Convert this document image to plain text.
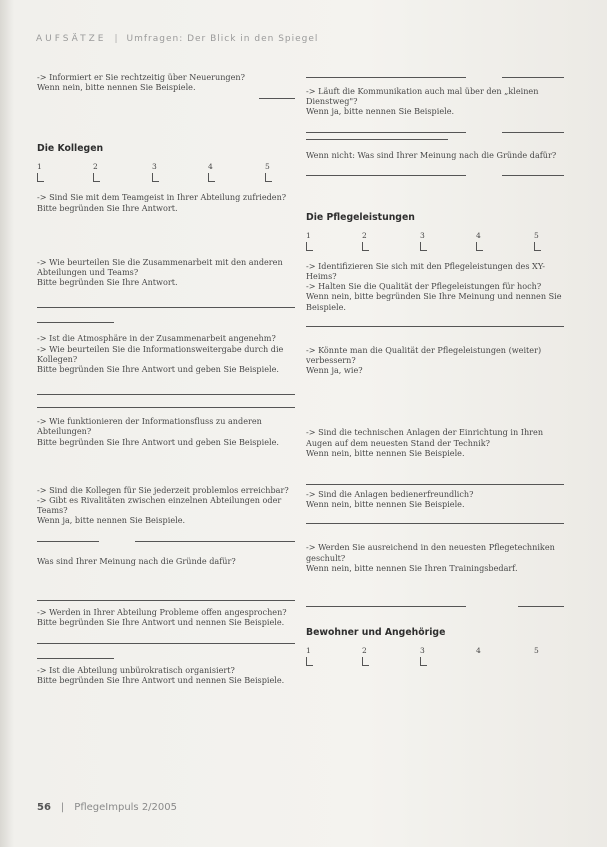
AUFSÄTZE | Umfragen: Der Blick in den Spiegel
-> Informiert er Sie rechtzeitig über Neuerungen?
Wenn nein, bitte nennen Sie Beispiele.
Die Kollegen
1	2	3	4	5
-> Sind Sie mit dem Teamgeist in Ihrer Abteilung zufrieden?
Bitte begründen Sie Ihre Antwort.
-> Wie beurteilen Sie die Zusammenarbeit mit den anderen Abteilungen und Teams?
Bitte begründen Sie Ihre Antwort.
-> Ist die Atmosphäre in der Zusammenarbeit angenehm?
-> Wie beurteilen Sie die Informationsweitergabe durch die Kollegen?
Bitte begründen Sie Ihre Antwort und geben Sie Beispiele.
-> Wie funktionieren der Informationsfluss zu anderen Abteilungen?
Bitte begründen Sie Ihre Antwort und geben Sie Beispiele.
-> Sind die Kollegen für Sie jederzeit problemlos erreichbar?
-> Gibt es Rivalitäten zwischen einzelnen Abteilungen oder Teams?
Wenn ja, bitte nennen Sie Beispiele.
Was sind Ihrer Meinung nach die Gründe dafür?
-> Werden in Ihrer Abteilung Probleme offen angesprochen?
Bitte begründen Sie Ihre Antwort und nennen Sie Beispiele.
-> Ist die Abteilung unbürokratisch organisiert?
Bitte begründen Sie Ihre Antwort und nennen Sie Beispiele.
-> Läuft die Kommunikation auch mal über den „kleinen Dienstweg"?
Wenn ja, bitte nennen Sie Beispiele.
Wenn nicht: Was sind Ihrer Meinung nach die Gründe dafür?
Die Pflegeleistungen
1	2	3	4	5
-> Identifizieren Sie sich mit den Pflegeleistungen des XY-Heims?
-> Halten Sie die Qualität der Pflegeleistungen für hoch?
Wenn nein, bitte begründen Sie Ihre Meinung und nennen Sie Beispiele.
-> Könnte man die Qualität der Pflegeleistungen (weiter) verbessern?
Wenn ja, wie?
-> Sind die technischen Anlagen der Einrichtung in Ihren Augen auf dem neuesten Stand der Technik?
Wenn nein, bitte nennen Sie Beispiele.
-> Sind die Anlagen bedienerfreundlich?
Wenn nein, bitte nennen Sie Beispiele.
-> Werden Sie ausreichend in den neuesten Pflegetechniken geschult?
Wenn nein, bitte nennen Sie Ihren Trainingsbedarf.
Bewohner und Angehörige
1	2	3	4	5
56 | PflegeImpuls 2/2005
